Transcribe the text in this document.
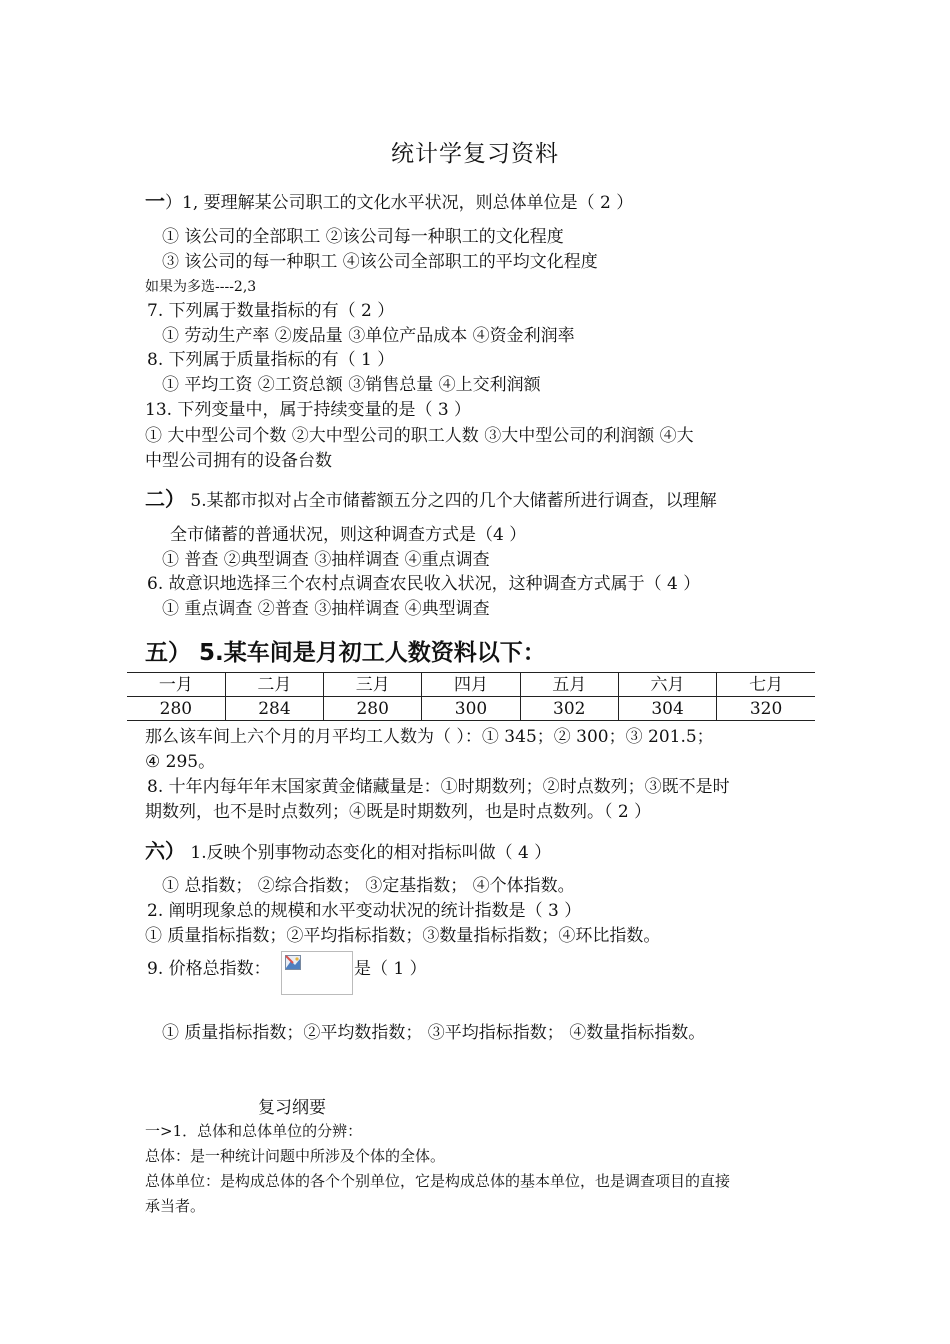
统计学复习资料
一）1, 要理解某公司职工的文化水平状况，则总体单位是（ 2 ）
① 该公司的全部职工 ②该公司每一种职工的文化程度
③ 该公司的每一种职工 ④该公司全部职工的平均文化程度
如果为多选----2,3
7. 下列属于数量指标的有（ 2 ）
① 劳动生产率 ②废品量 ③单位产品成本 ④资金利润率
8. 下列属于质量指标的有（ 1 ）
① 平均工资 ②工资总额 ③销售总量 ④上交利润额
13. 下列变量中，属于持续变量的是（ 3 ）
① 大中型公司个数 ②大中型公司的职工人数 ③大中型公司的利润额 ④大
中型公司拥有的设备台数
二） 5.某都市拟对占全市储蓄额五分之四的几个大储蓄所进行调查，以理解
全市储蓄的普通状况，则这种调查方式是（4 ）
① 普查 ②典型调查 ③抽样调查 ④重点调查
6. 故意识地选择三个农村点调查农民收入状况，这种调查方式属于（ 4 ）
① 重点调查 ②普查 ③抽样调查 ④典型调查
五） 5.某车间是月初工人数资料以下：
一月	二月	三月	四月	五月	六月	七月
280	284	280	300	302	304	320
那么该车间上六个月的月平均工人数为（ ）：① 345；② 300；③ 201.5；
④ 295。
8. 十年内每年年末国家黄金储藏量是：①时期数列；②时点数列；③既不是时
期数列，也不是时点数列；④既是时期数列，也是时点数列。（ 2 ）
六） 1.反映个别事物动态变化的相对指标叫做（ 4 ）
① 总指数； ②综合指数； ③定基指数； ④个体指数。
2. 阐明现象总的规模和水平变动状况的统计指数是（ 3 ）
① 质量指标指数；②平均指标指数；③数量指标指数；④环比指数。
9. 价格总指数：	是（ 1 ）
① 质量指标指数；②平均数指数； ③平均指标指数； ④数量指标指数。
复习纲要
一>1．总体和总体单位的分辨：
总体：是一种统计问题中所涉及个体的全体。
总体单位：是构成总体的各个个别单位，它是构成总体的基本单位，也是调查项目的直接
承当者。
